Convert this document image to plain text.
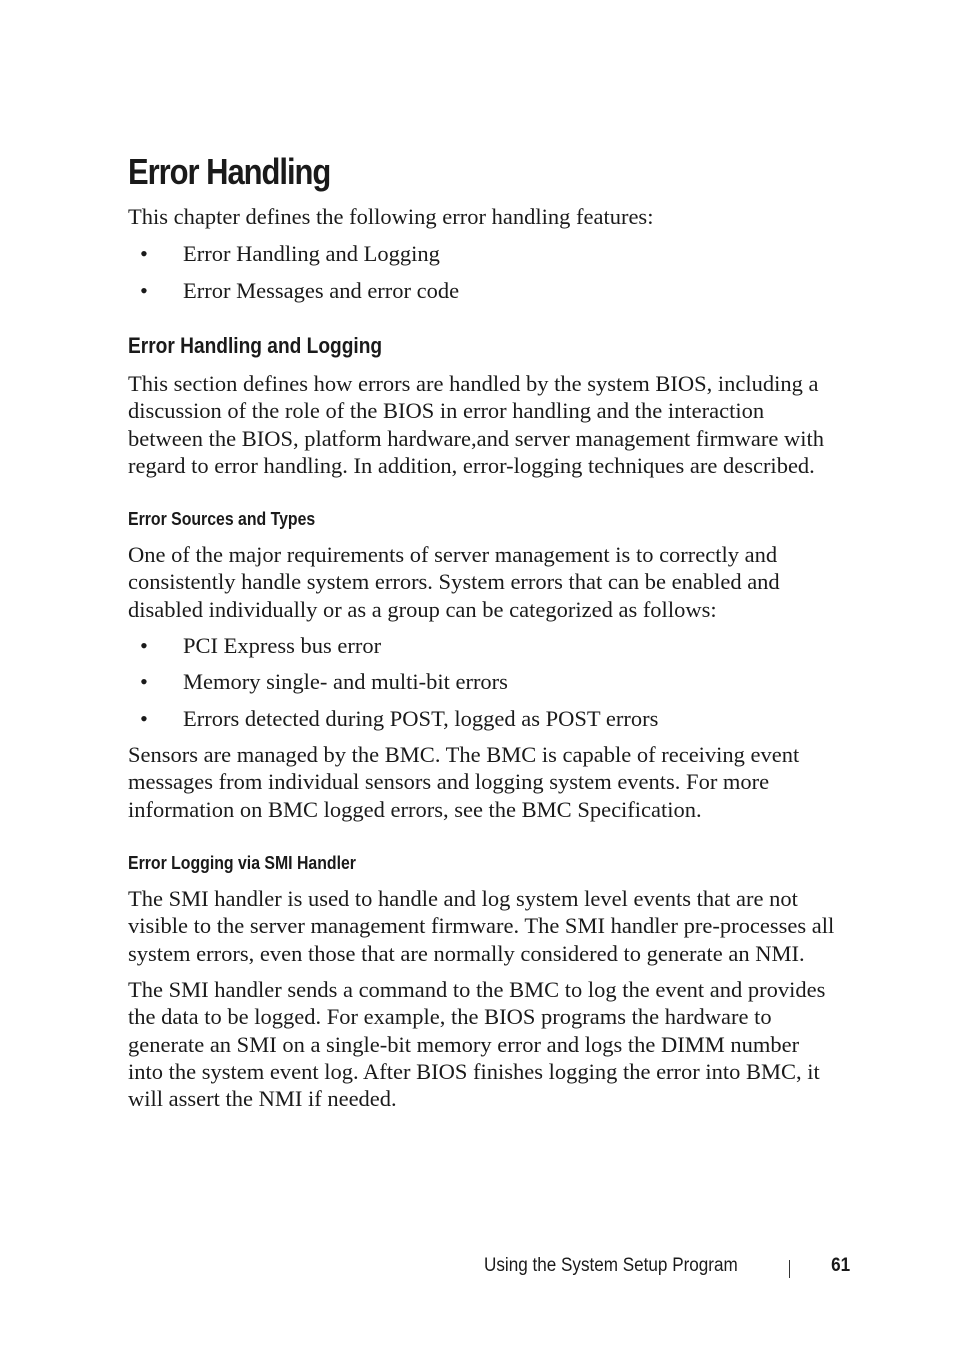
Error Handling

This chapter defines the following error handling features:

• Error Handling and Logging

• Error Messages and error code

Error Handling and Logging

This section defines how errors are handled by the system BIOS, including a
discussion of the role of the BIOS in error handling and the interaction
between the BIOS, platform hardware,and server management firmware with
regard to error handling. In addition, error-logging techniques are described.

Error Sources and Types

One of the major requirements of server management is to correctly and
consistently handle system errors. System errors that can be enabled and
disabled individually or as a group can be categorized as follows:

• PCI Express bus error

• Memory single- and multi-bit errors

• Errors detected during POST, logged as POST errors

Sensors are managed by the BMC. The BMC is capable of receiving event
messages from individual sensors and logging system events. For more
information on BMC logged errors, see the BMC Specification.

Error Logging via SMI Handler

The SMI handler is used to handle and log system level events that are not
visible to the server management firmware. The SMI handler pre-processes all
system errors, even those that are normally considered to generate an NMI.

The SMI handler sends a command to the BMC to log the event and provides
the data to be logged. For example, the BIOS programs the hardware to
generate an SMI on a single-bit memory error and logs the DIMM number
into the system event log. After BIOS finishes logging the error into BMC, it
will assert the NMI if needed.

Using the System Setup Program	61
